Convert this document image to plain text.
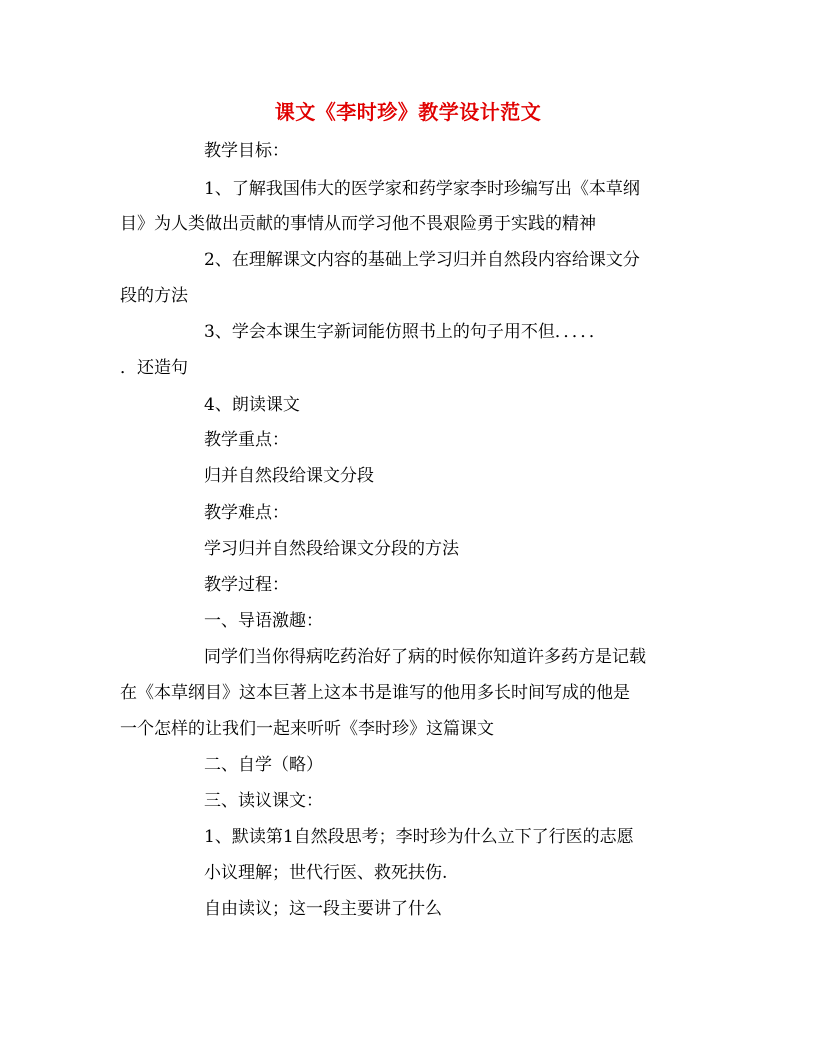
课文《李时珍》教学设计范文
教学目标：
1、了解我国伟大的医学家和药学家李时珍编写出《本草纲
目》为人类做出贡献的事情从而学习他不畏艰险勇于实践的精神
2、在理解课文内容的基础上学习归并自然段内容给课文分
段的方法
3、学会本课生字新词能仿照书上的句子用不但．．．．．
．还造句
4、朗读课文
教学重点：
归并自然段给课文分段
教学难点：
学习归并自然段给课文分段的方法
教学过程：
一、导语激趣：
同学们当你得病吃药治好了病的时候你知道许多药方是记载
在《本草纲目》这本巨著上这本书是谁写的他用多长时间写成的他是
一个怎样的让我们一起来听听《李时珍》这篇课文
二、自学（略）
三、读议课文：
1、默读第1自然段思考；李时珍为什么立下了行医的志愿
小议理解；世代行医、救死扶伤.
自由读议；这一段主要讲了什么
